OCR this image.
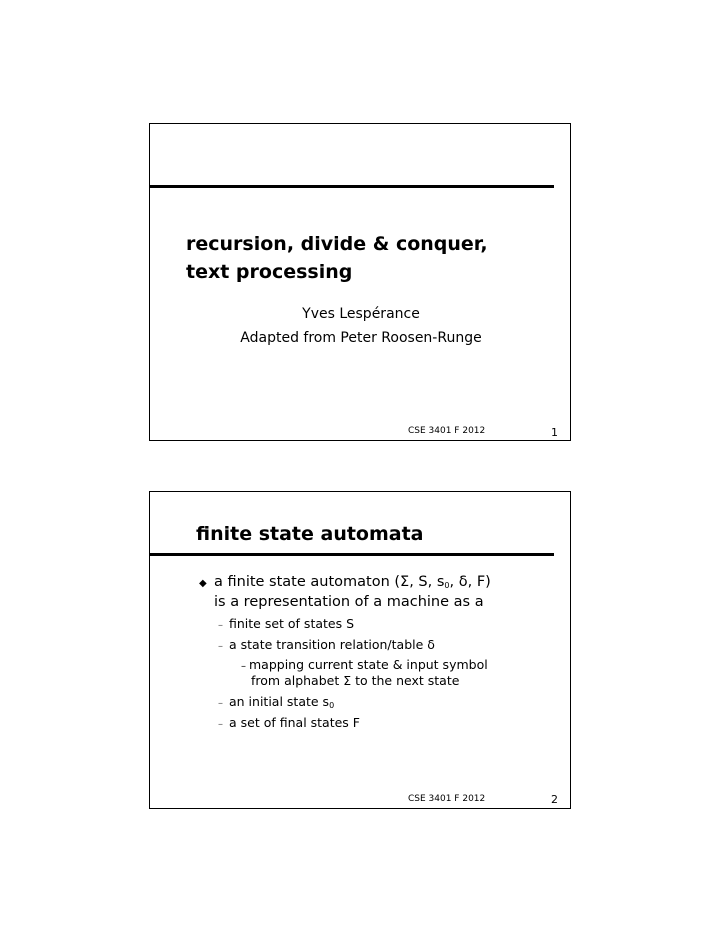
recursion, divide & conquer,
text processing
Yves Lespérance
Adapted from Peter Roosen-Runge
CSE 3401 F 2012	1
finite state automata
◆ a finite state automaton (Σ, S, $s_0$, δ, F)
is a representation of a machine as a
– finite set of states S
– a state transition relation/table δ
– mapping current state & input symbol
from alphabet Σ to the next state
– an initial state $s_0$
– a set of final states F
CSE 3401 F 2012	2
